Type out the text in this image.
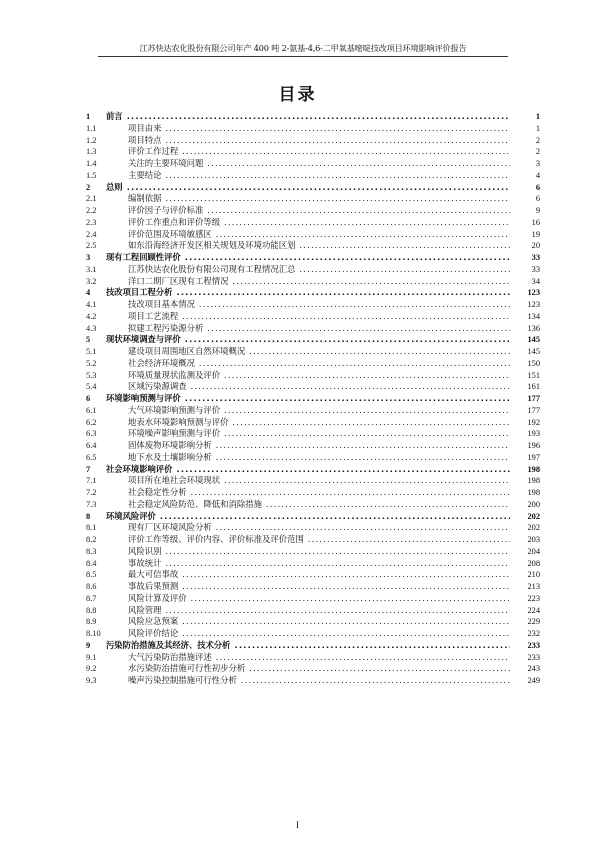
江苏快达农化股份有限公司年产 400 吨 2-氨基-4,6-二甲氧基嘧啶技改项目环境影响评价报告
目录
1 前言 .....	1
1.1	项目由来 .....	1
1.2	项目特点 .....	2
1.3	评价工作过程 .....	2
1.4	关注的主要环境问题 .....	3
1.5	主要结论 .....	4
2 总则 .....	6
2.1	编制依据 .....	6
2.2	评价因子与评价标准 .....	9
2.3	评价工作重点和评价等级 .....	16
2.4	评价范围及环境敏感区 .....	19
2.5	如东沿海经济开发区相关规划及环境功能区划 .....	20
3 现有工程回顾性评价 .....	33
3.1	江苏快达农化股份有限公司现有工程情况汇总 .....	33
3.2	洋口二期厂区现有工程情况 .....	34
4 技改项目工程分析 .....	123
4.1	技改项目基本情况 .....	123
4.2	项目工艺流程 .....	134
4.3	拟建工程污染源分析 .....	136
5 现状环境调查与评价 .....	145
5.1	建设项目周围地区自然环境概况 .....	145
5.2	社会经济环境概况 .....	150
5.3	环境质量现状监测及评价 .....	151
5.4	区域污染源调查 .....	161
6 环境影响预测与评价 .....	177
6.1	大气环境影响预测与评价 .....	177
6.2	地表水环境影响预测与评价 .....	192
6.3	环境噪声影响预测与评价 .....	193
6.4	固体废物环境影响分析 .....	196
6.5	地下水及土壤影响分析 .....	197
7 社会环境影响评价 .....	198
7.1	项目所在地社会环境现状 .....	198
7.2	社会稳定性分析 .....	198
7.3	社会稳定风险防范、降低和消除措施 .....	200
8 环境风险评价 .....	202
8.1	现有厂区环境风险分析 .....	202
8.2	评价工作等级、评价内容、评价标准及评价范围 .....	203
8.3	风险识别 .....	204
8.4	事故统计 .....	208
8.5	最大可信事故 .....	210
8.6	事故后果预测 .....	213
8.7	风险计算及评价 .....	223
8.8	风险管理 .....	224
8.9	风险应急预案 .....	229
8.10	风险评价结论 .....	232
9 污染防治措施及其经济、技术分析 .....	233
9.1	大气污染防治措施评述 .....	233
9.2	水污染防治措施可行性初步分析 .....	243
9.3	噪声污染控制措施可行性分析 .....	249
I
